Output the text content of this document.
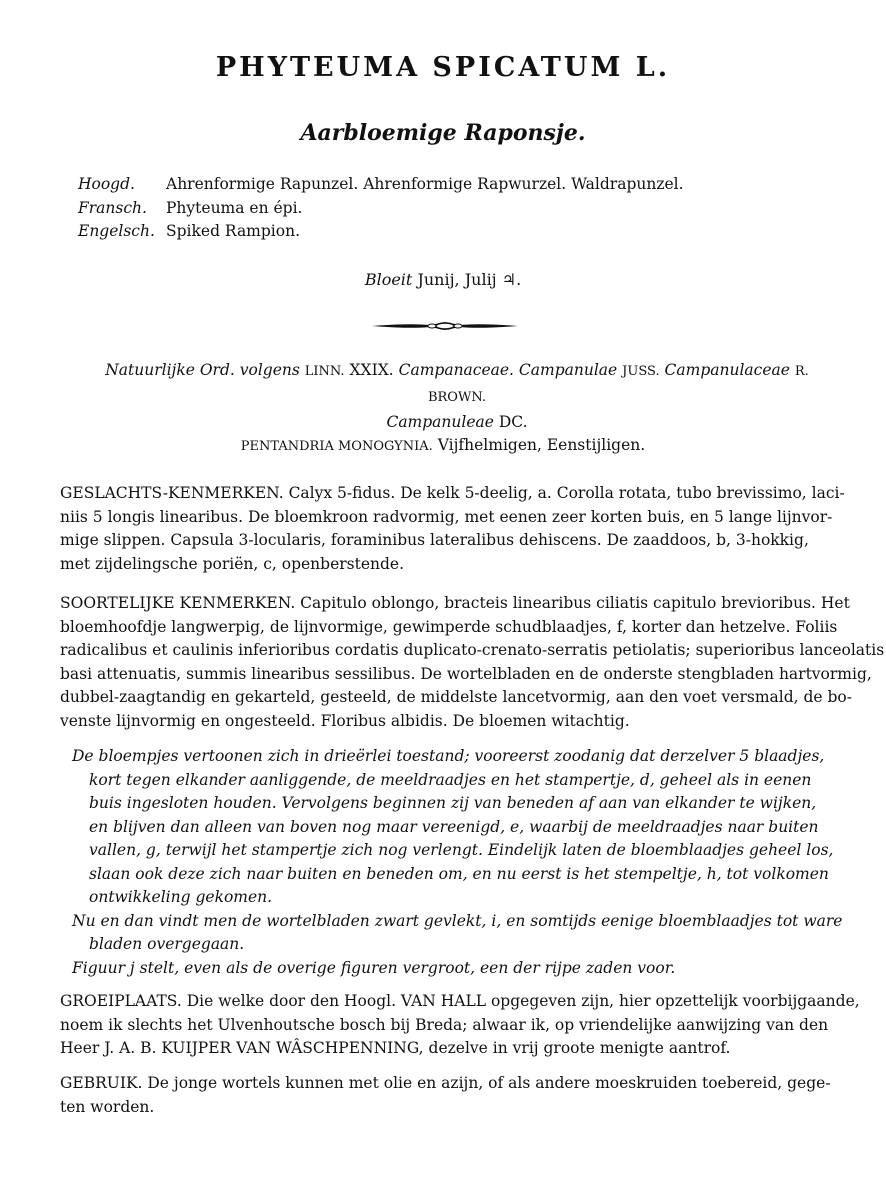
PHYTEUMA SPICATUM L.
Aarbloemige Raponsje.
Hoogd.	Ahrenformige Rapunzel. Ahrenformige Rapwurzel. Waldrapunzel.
Fransch.	Phyteuma en épi.
Engelsch. Spiked Rampion.
Bloeit Junij, Julij ♃.
Natuurlijke Ord. volgens LINN. XXIX. Campanaceae. Campanulae JUSS. Campanulaceae R. BROWN.
Campanuleae DC.
PENTANDRIA MONOGYNIA. Vijfhelmigen, Eenstijligen.
GESLACHTS-KENMERKEN. Calyx 5-fidus. De kelk 5-deelig, a. Corolla rotata, tubo brevissimo, laci-
niis 5 longis linearibus. De bloemkroon radvormig, met eenen zeer korten buis, en 5 lange lijnvor-
mige slippen. Capsula 3-locularis, foraminibus lateralibus dehiscens. De zaaddoos, b, 3-hokkig,
met zijdelingsche poriën, c, openberstende.
SOORTELIJKE KENMERKEN. Capitulo oblongo, bracteis linearibus ciliatis capitulo brevioribus. Het
bloemhoofdje langwerpig, de lijnvormige, gewimperde schudblaadjes, f, korter dan hetzelve. Foliis
radicalibus et caulinis inferioribus cordatis duplicato-crenato-serratis petiolatis; superioribus lanceolatis
basi attenuatis, summis linearibus sessilibus. De wortelbladen en de onderste stengbladen hartvormig,
dubbel-zaagtandig en gekarteld, gesteeld, de middelste lancetvormig, aan den voet versmald, de bo-
venste lijnvormig en ongesteeld. Floribus albidis. De bloemen witachtig.
De bloempjes vertoonen zich in drieërlei toestand; vooreerst zoodanig dat derzelver 5 blaadjes,
kort tegen elkander aanliggende, de meeldraadjes en het stampertje, d, geheel als in eenen
buis ingesloten houden. Vervolgens beginnen zij van beneden af aan van elkander te wijken,
en blijven dan alleen van boven nog maar vereenigd, e, waarbij de meeldraadjes naar buiten
vallen, g, terwijl het stampertje zich nog verlengt. Eindelijk laten de bloemblaadjes geheel los,
slaan ook deze zich naar buiten en beneden om, en nu eerst is het stempeltje, h, tot volkomen
ontwikkeling gekomen.
Nu en dan vindt men de wortelbladen zwart gevlekt, i, en somtijds eenige bloemblaadjes tot ware
bladen overgegaan.
Figuur j stelt, even als de overige figuren vergroot, een der rijpe zaden voor.
GROEIPLAATS. Die welke door den Hoogl. VAN HALL opgegeven zijn, hier opzettelijk voorbijgaande,
noem ik slechts het Ulvenhoutsche bosch bij Breda; alwaar ik, op vriendelijke aanwijzing van den
Heer J. A. B. KUIJPER VAN WÂSCHPENNING, dezelve in vrij groote menigte aantrof.
GEBRUIK. De jonge wortels kunnen met olie en azijn, of als andere moeskruiden toebereid, gege-
ten worden.
